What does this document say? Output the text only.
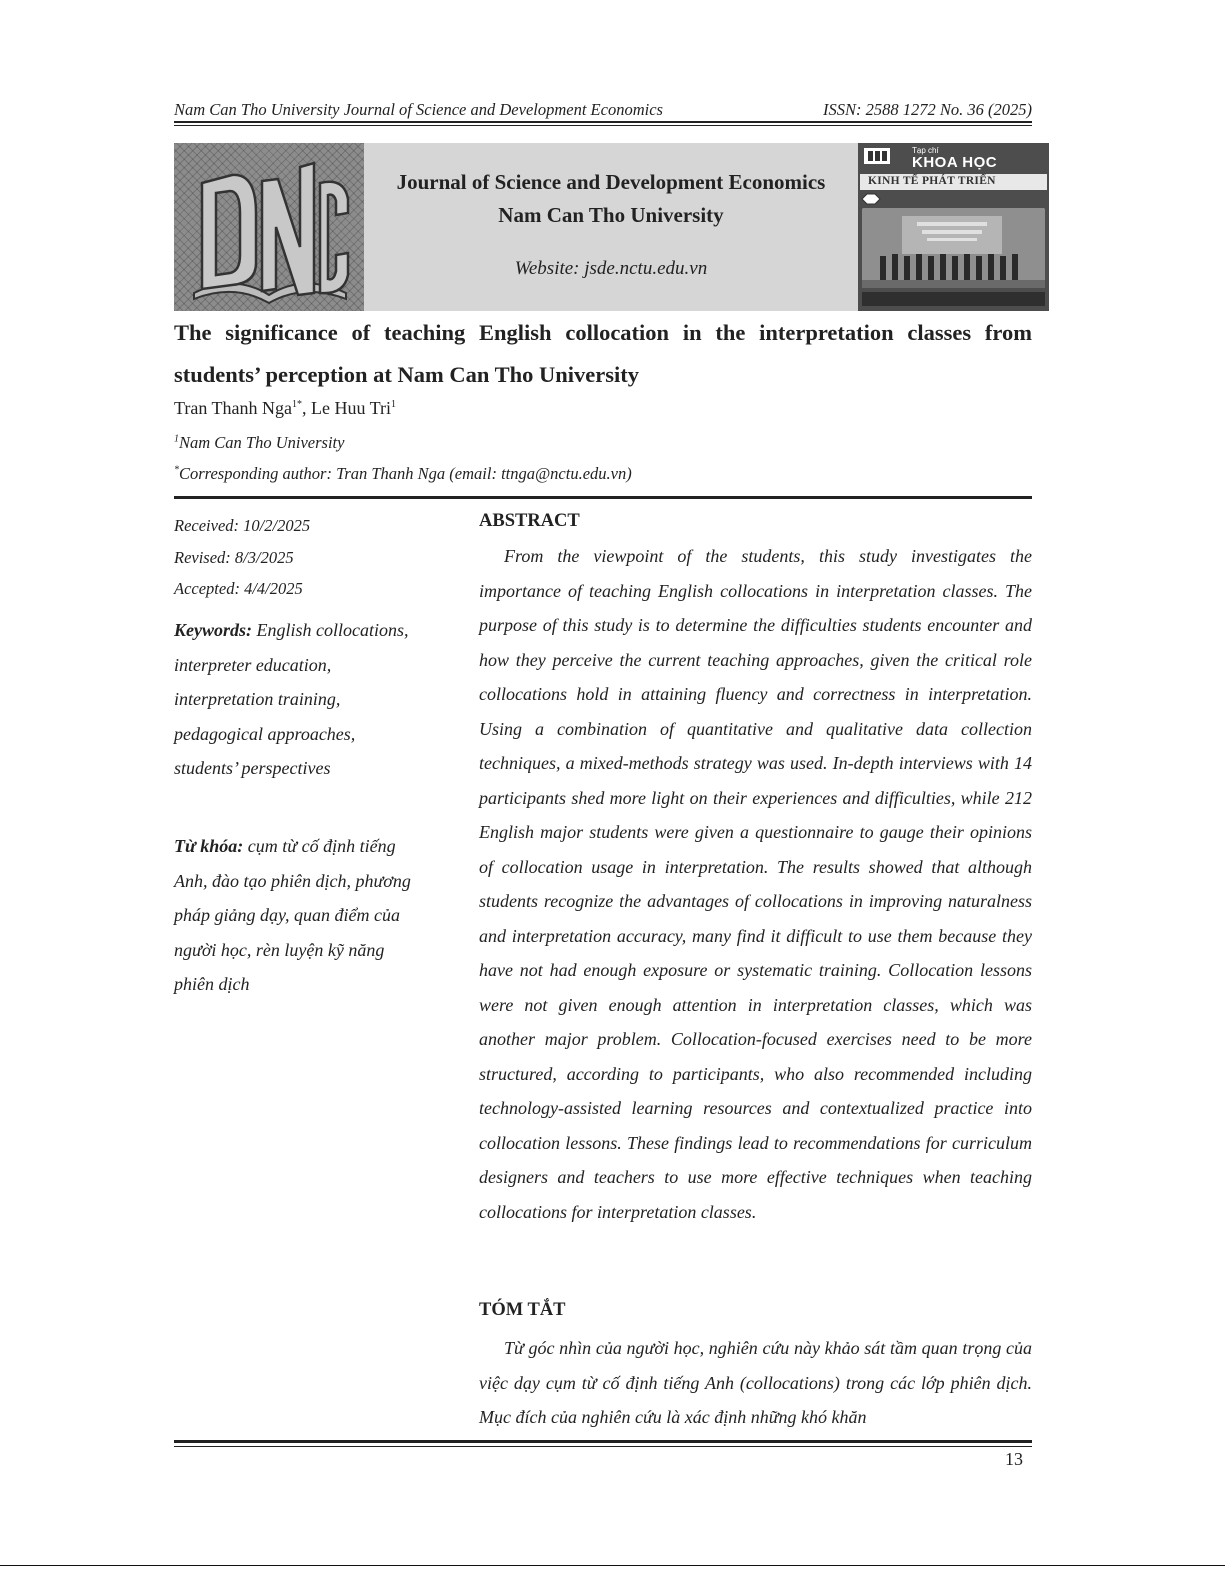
Nam Can Tho University Journal of Science and Development Economics	ISSN: 2588 1272 No. 36 (2025)
Journal of Science and Development Economics
Nam Can Tho University
Website: jsde.nctu.edu.vn
Tạp chí
KHOA HỌC
KINH TẾ PHÁT TRIỂN
The significance of teaching English collocation in the interpretation classes from
students’ perception at Nam Can Tho University
Tran Thanh Nga$^{1*}$, Le Huu Tri$^1$
$^1$Nam Can Tho University
*Corresponding author: Tran Thanh Nga (email: ttnga@nctu.edu.vn)
Received: 10/2/2025
Revised: 8/3/2025
Accepted: 4/4/2025
Keywords: English collocations, interpreter education, interpretation training, pedagogical approaches, students’ perspectives
Từ khóa: cụm từ cố định tiếng Anh, đào tạo phiên dịch, phương pháp giảng dạy, quan điểm của người học, rèn luyện kỹ năng phiên dịch
ABSTRACT
From the viewpoint of the students, this study investigates the importance of teaching English collocations in interpretation classes. The purpose of this study is to determine the difficulties students encounter and how they perceive the current teaching approaches, given the critical role collocations hold in attaining fluency and correctness in interpretation. Using a combination of quantitative and qualitative data collection techniques, a mixed-methods strategy was used. In-depth interviews with 14 participants shed more light on their experiences and difficulties, while 212 English major students were given a questionnaire to gauge their opinions of collocation usage in interpretation. The results showed that although students recognize the advantages of collocations in improving naturalness and interpretation accuracy, many find it difficult to use them because they have not had enough exposure or systematic training. Collocation lessons were not given enough attention in interpretation classes, which was another major problem. Collocation-focused exercises need to be more structured, according to participants, who also recommended including technology-assisted learning resources and contextualized practice into collocation lessons. These findings lead to recommendations for curriculum designers and teachers to use more effective techniques when teaching collocations for interpretation classes.
TÓM TẮT
Từ góc nhìn của người học, nghiên cứu này khảo sát tầm quan trọng của việc dạy cụm từ cố định tiếng Anh (collocations) trong các lớp phiên dịch. Mục đích của nghiên cứu là xác định những khó khăn
13
